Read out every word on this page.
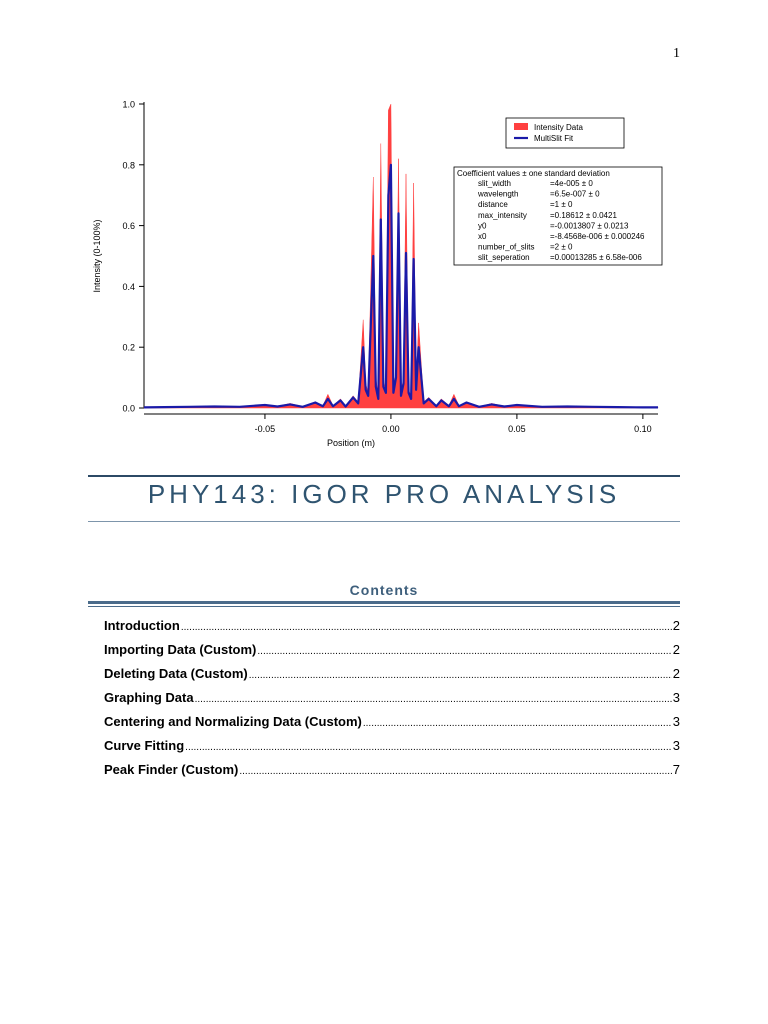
1
0.0
0.2
0.4
0.6
0.8
1.0
-0.05	0.00	0.05	0.10
Position (m)
Intensity (0-100%)
Intensity Data
MultiSlit Fit
Coefficient values ± one standard deviation
slit_width	=4e-005 ± 0
wavelength	=6.5e-007 ± 0
distance	=1 ± 0
max_intensity	=0.18612 ± 0.0421
y0	=-0.0013807 ± 0.0213
x0	=-8.4568e-006 ± 0.000246
number_of_slits =2 ± 0
slit_seperation	=0.00013285 ± 6.58e-006
PHY143: IGOR PRO ANALYSIS
Contents
Introduction .....	2
Importing Data (Custom) .....	2
Deleting Data (Custom) .....	2
Graphing Data .....	3
Centering and Normalizing Data (Custom) .....	3
Curve Fitting .....	3
Peak Finder (Custom) .....	7
